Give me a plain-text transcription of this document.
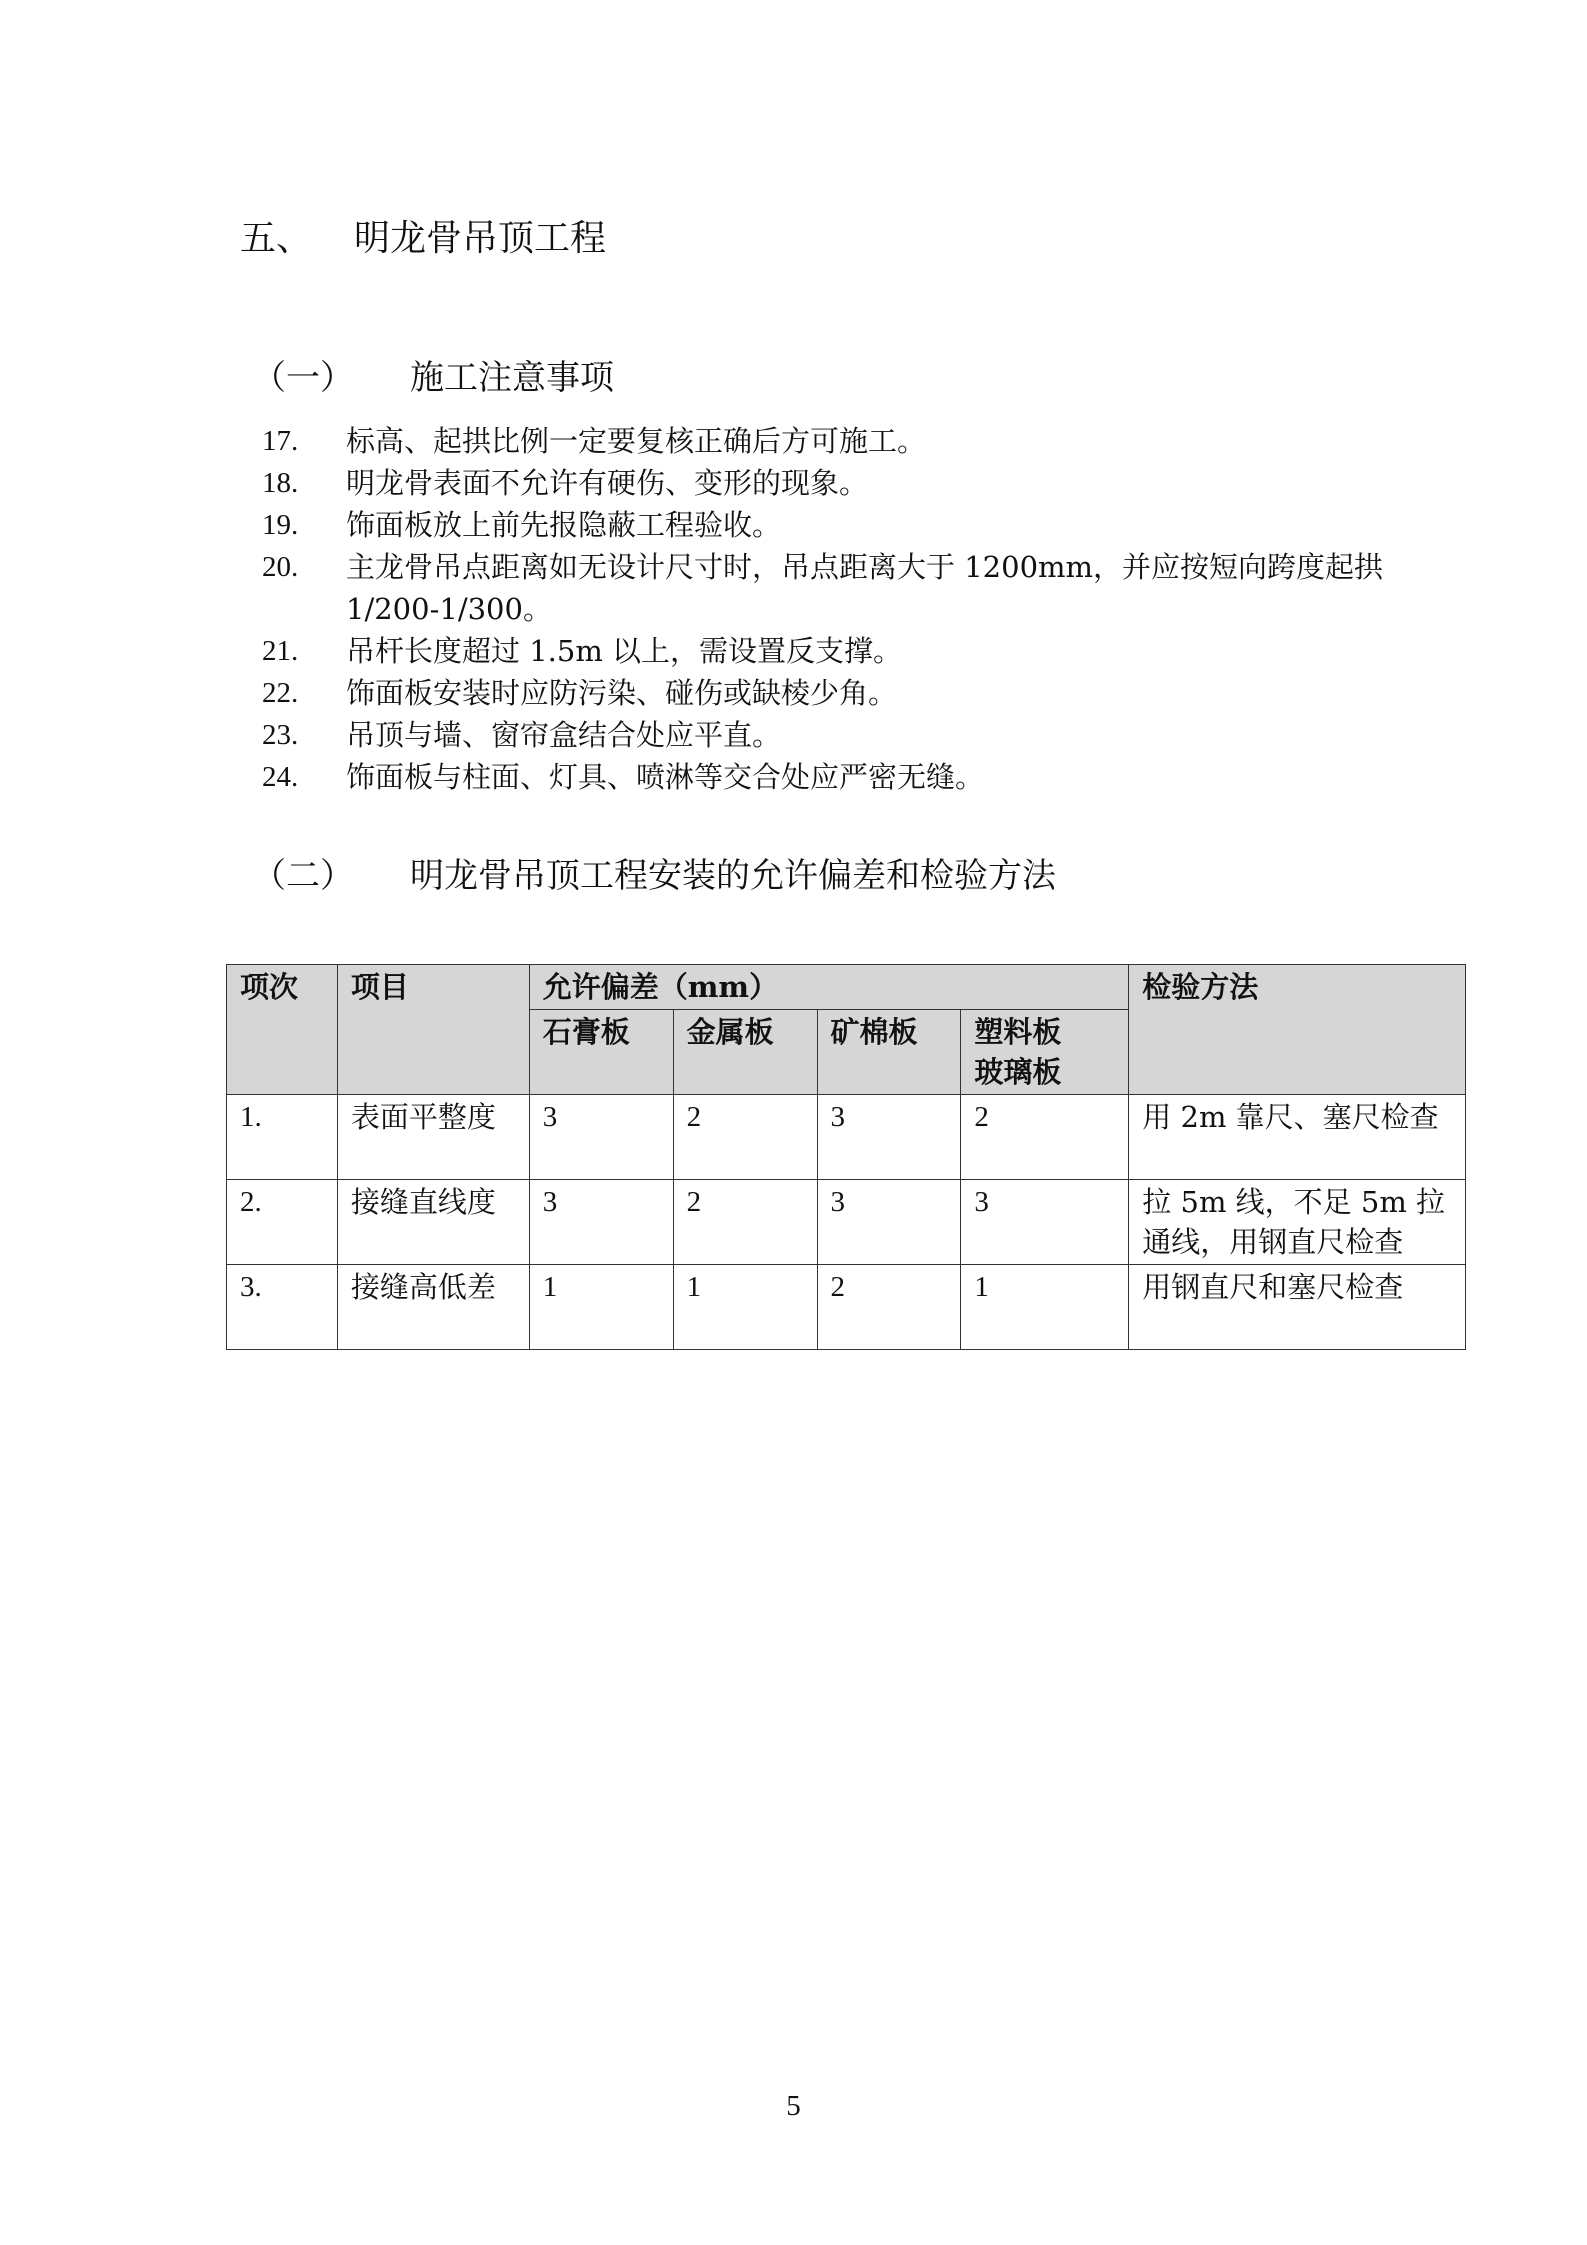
五、 明龙骨吊顶工程
（一） 施工注意事项
17.	标高、起拱比例一定要复核正确后方可施工。
18.	明龙骨表面不允许有硬伤、变形的现象。
19.	饰面板放上前先报隐蔽工程验收。
20.	主龙骨吊点距离如无设计尺寸时，吊点距离大于 1200mm，并应按短向跨度起拱 1/200-1/300。
21.	吊杆长度超过 1.5m 以上，需设置反支撑。
22.	饰面板安装时应防污染、碰伤或缺棱少角。
23.	吊顶与墙、窗帘盒结合处应平直。
24.	饰面板与柱面、灯具、喷淋等交合处应严密无缝。
（二） 明龙骨吊顶工程安装的允许偏差和检验方法
项次	项目	允许偏差（mm）				检验方法
		石膏板	金属板	矿棉板	塑料板
玻璃板	
1.	表面平整度	3	2	3	2	用 2m 靠尺、塞尺检查
2.	接缝直线度	3	2	3	3	拉 5m 线，不足 5m 拉通线，用钢直尺检查
3.	接缝高低差	1	1	2	1	用钢直尺和塞尺检查
5
